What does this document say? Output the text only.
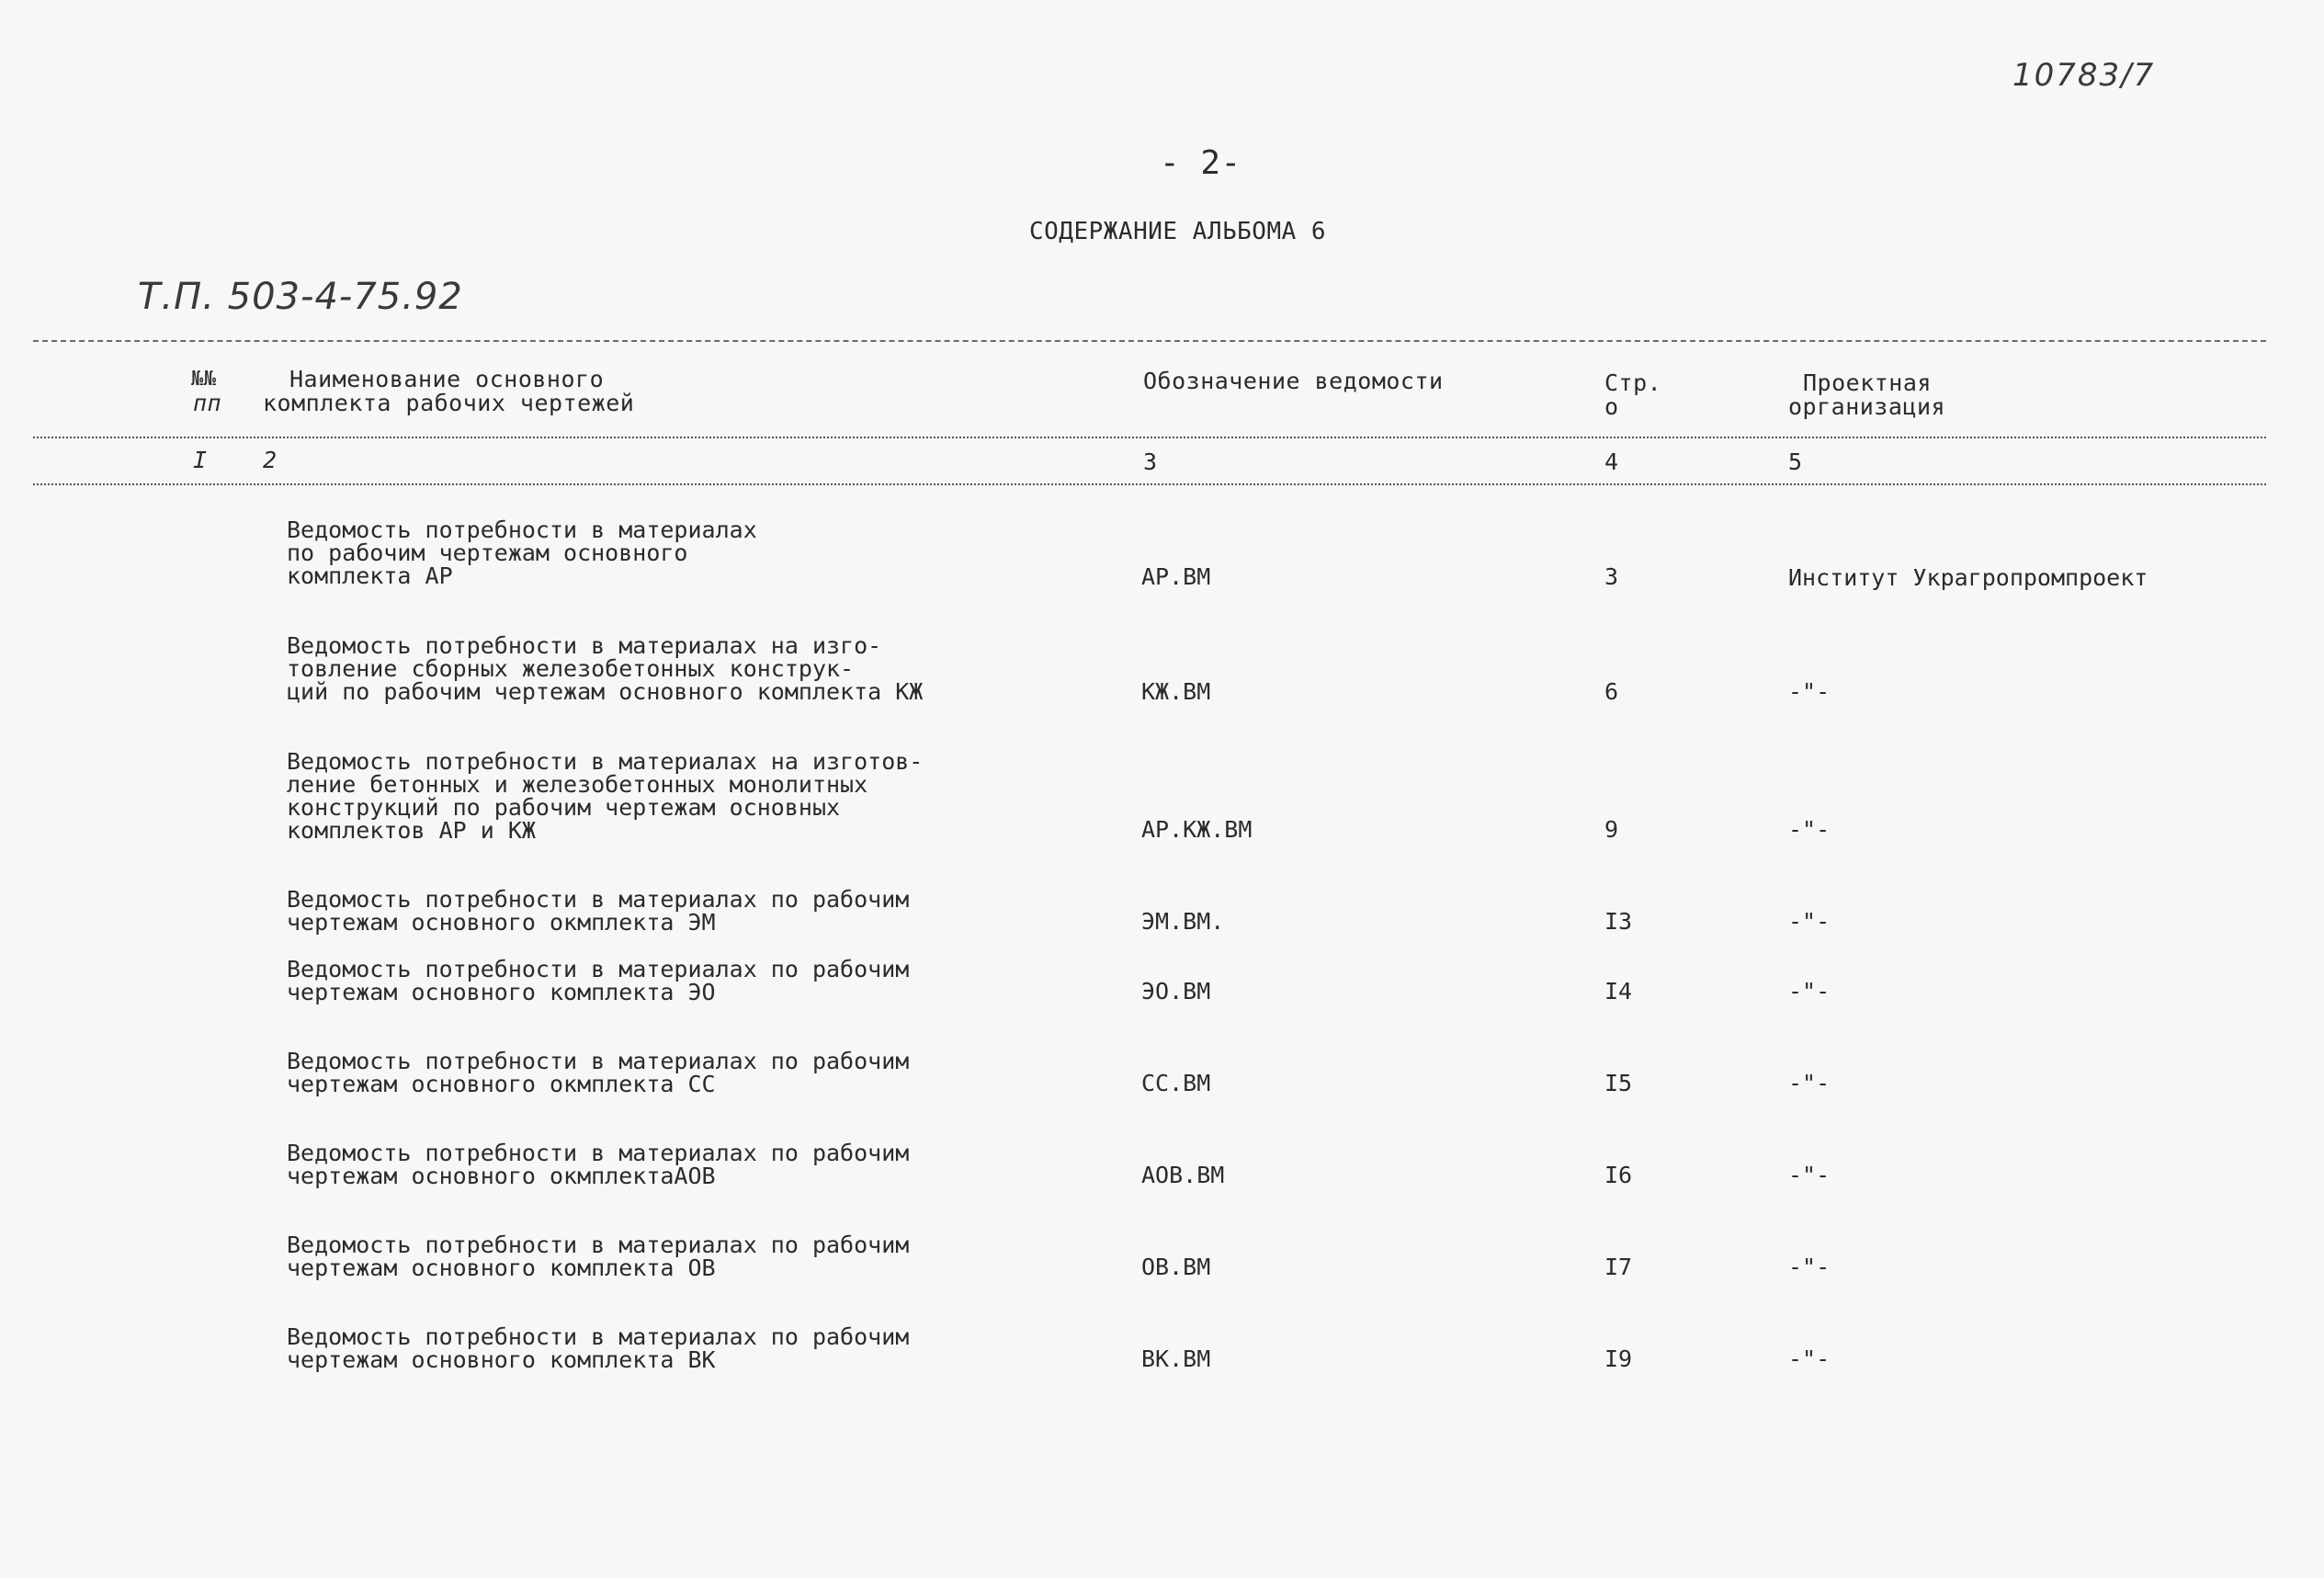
10783/7
- 2-
СОДЕРЖАНИЕ АЛЬБОМА 6
Т.П. 503-4-75.92
№№
пп
Наименование основного
комплекта рабочих чертежей
Обозначение ведомости	Стр.
о
Проектная
организация
I 2	3	4	5
Ведомость потребности в материалах
по рабочим чертежам основного
комплекта АР	АР.ВМ	3	Институт Украгропромпроект
Ведомость потребности в материалах на изго-
товление сборных железобетонных конструк-
ций по рабочим чертежам основного комплекта КЖ	КЖ.ВМ	6	-"-
Ведомость потребности в материалах на изготов-
ление бетонных и железобетонных монолитных
конструкций по рабочим чертежам основных
комплектов АР и КЖ	АР.КЖ.ВМ	9	-"-
Ведомость потребности в материалах по рабочим
чертежам основного окмплекта ЭМ	ЭМ.ВМ.	I3	-"-
Ведомость потребности в материалах по рабочим
чертежам основного комплекта ЭО	ЭО.ВМ	I4	-"-
Ведомость потребности в материалах по рабочим
чертежам основного окмплекта СС	СС.ВМ	I5	-"-
Ведомость потребности в материалах по рабочим
чертежам основного окмплектаАОВ	АОВ.ВМ	I6	-"-
Ведомость потребности в материалах по рабочим
чертежам основного комплекта ОВ	ОВ.ВМ	I7	-"-
Ведомость потребности в материалах по рабочим
чертежам основного комплекта ВК	ВК.ВМ	I9	-"-
